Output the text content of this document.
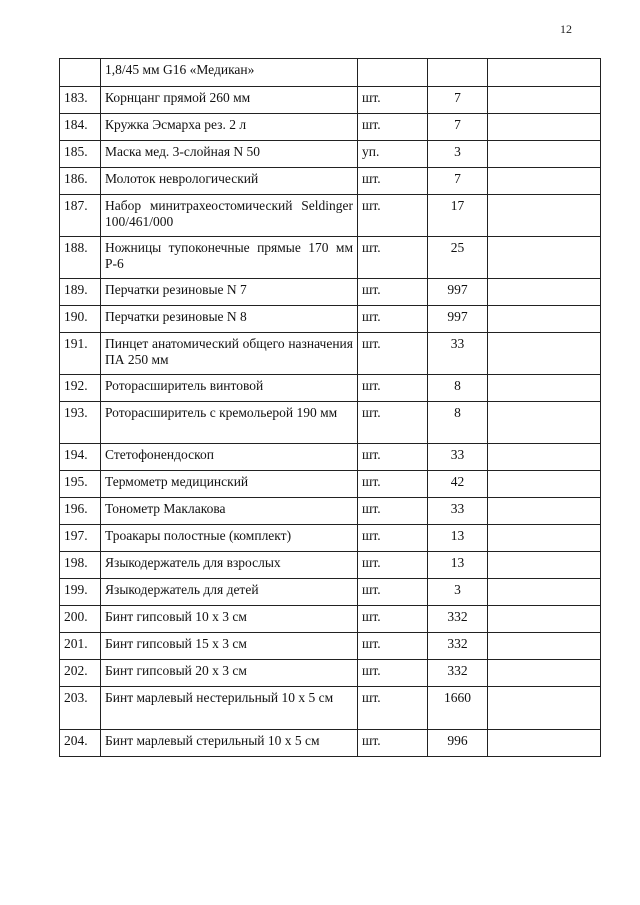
12
	1,8/45 мм G16 «Медикан»			
183.	Корнцанг прямой 260 мм	шт.	7	
184.	Кружка Эсмарха рез. 2 л	шт.	7	
185.	Маска мед. 3-слойная N 50	уп.	3	
186.	Молоток неврологический	шт.	7	
187.	Набор минитрахеостомический Seldinger 100/461/000	шт.	17	
188.	Ножницы тупоконечные прямые 170 мм Р-6	шт.	25	
189.	Перчатки резиновые N 7	шт.	997	
190.	Перчатки резиновые N 8	шт.	997	
191.	Пинцет анатомический общего назначения ПА 250 мм	шт.	33	
192.	Роторасширитель винтовой	шт.	8	
193.	Роторасширитель с кремольерой 190 мм	шт.	8	
194.	Стетофонендоскоп	шт.	33	
195.	Термометр медицинский	шт.	42	
196.	Тонометр Маклакова	шт.	33	
197.	Троакары полостные (комплект)	шт.	13	
198.	Языкодержатель для взрослых	шт.	13	
199.	Языкодержатель для детей	шт.	3	
200.	Бинт гипсовый 10 х 3 см	шт.	332	
201.	Бинт гипсовый 15 х 3 см	шт.	332	
202.	Бинт гипсовый 20 х 3 см	шт.	332	
203.	Бинт марлевый нестерильный 10 х 5 см	шт.	1660	
204.	Бинт марлевый стерильный 10 х 5 см	шт.	996	
